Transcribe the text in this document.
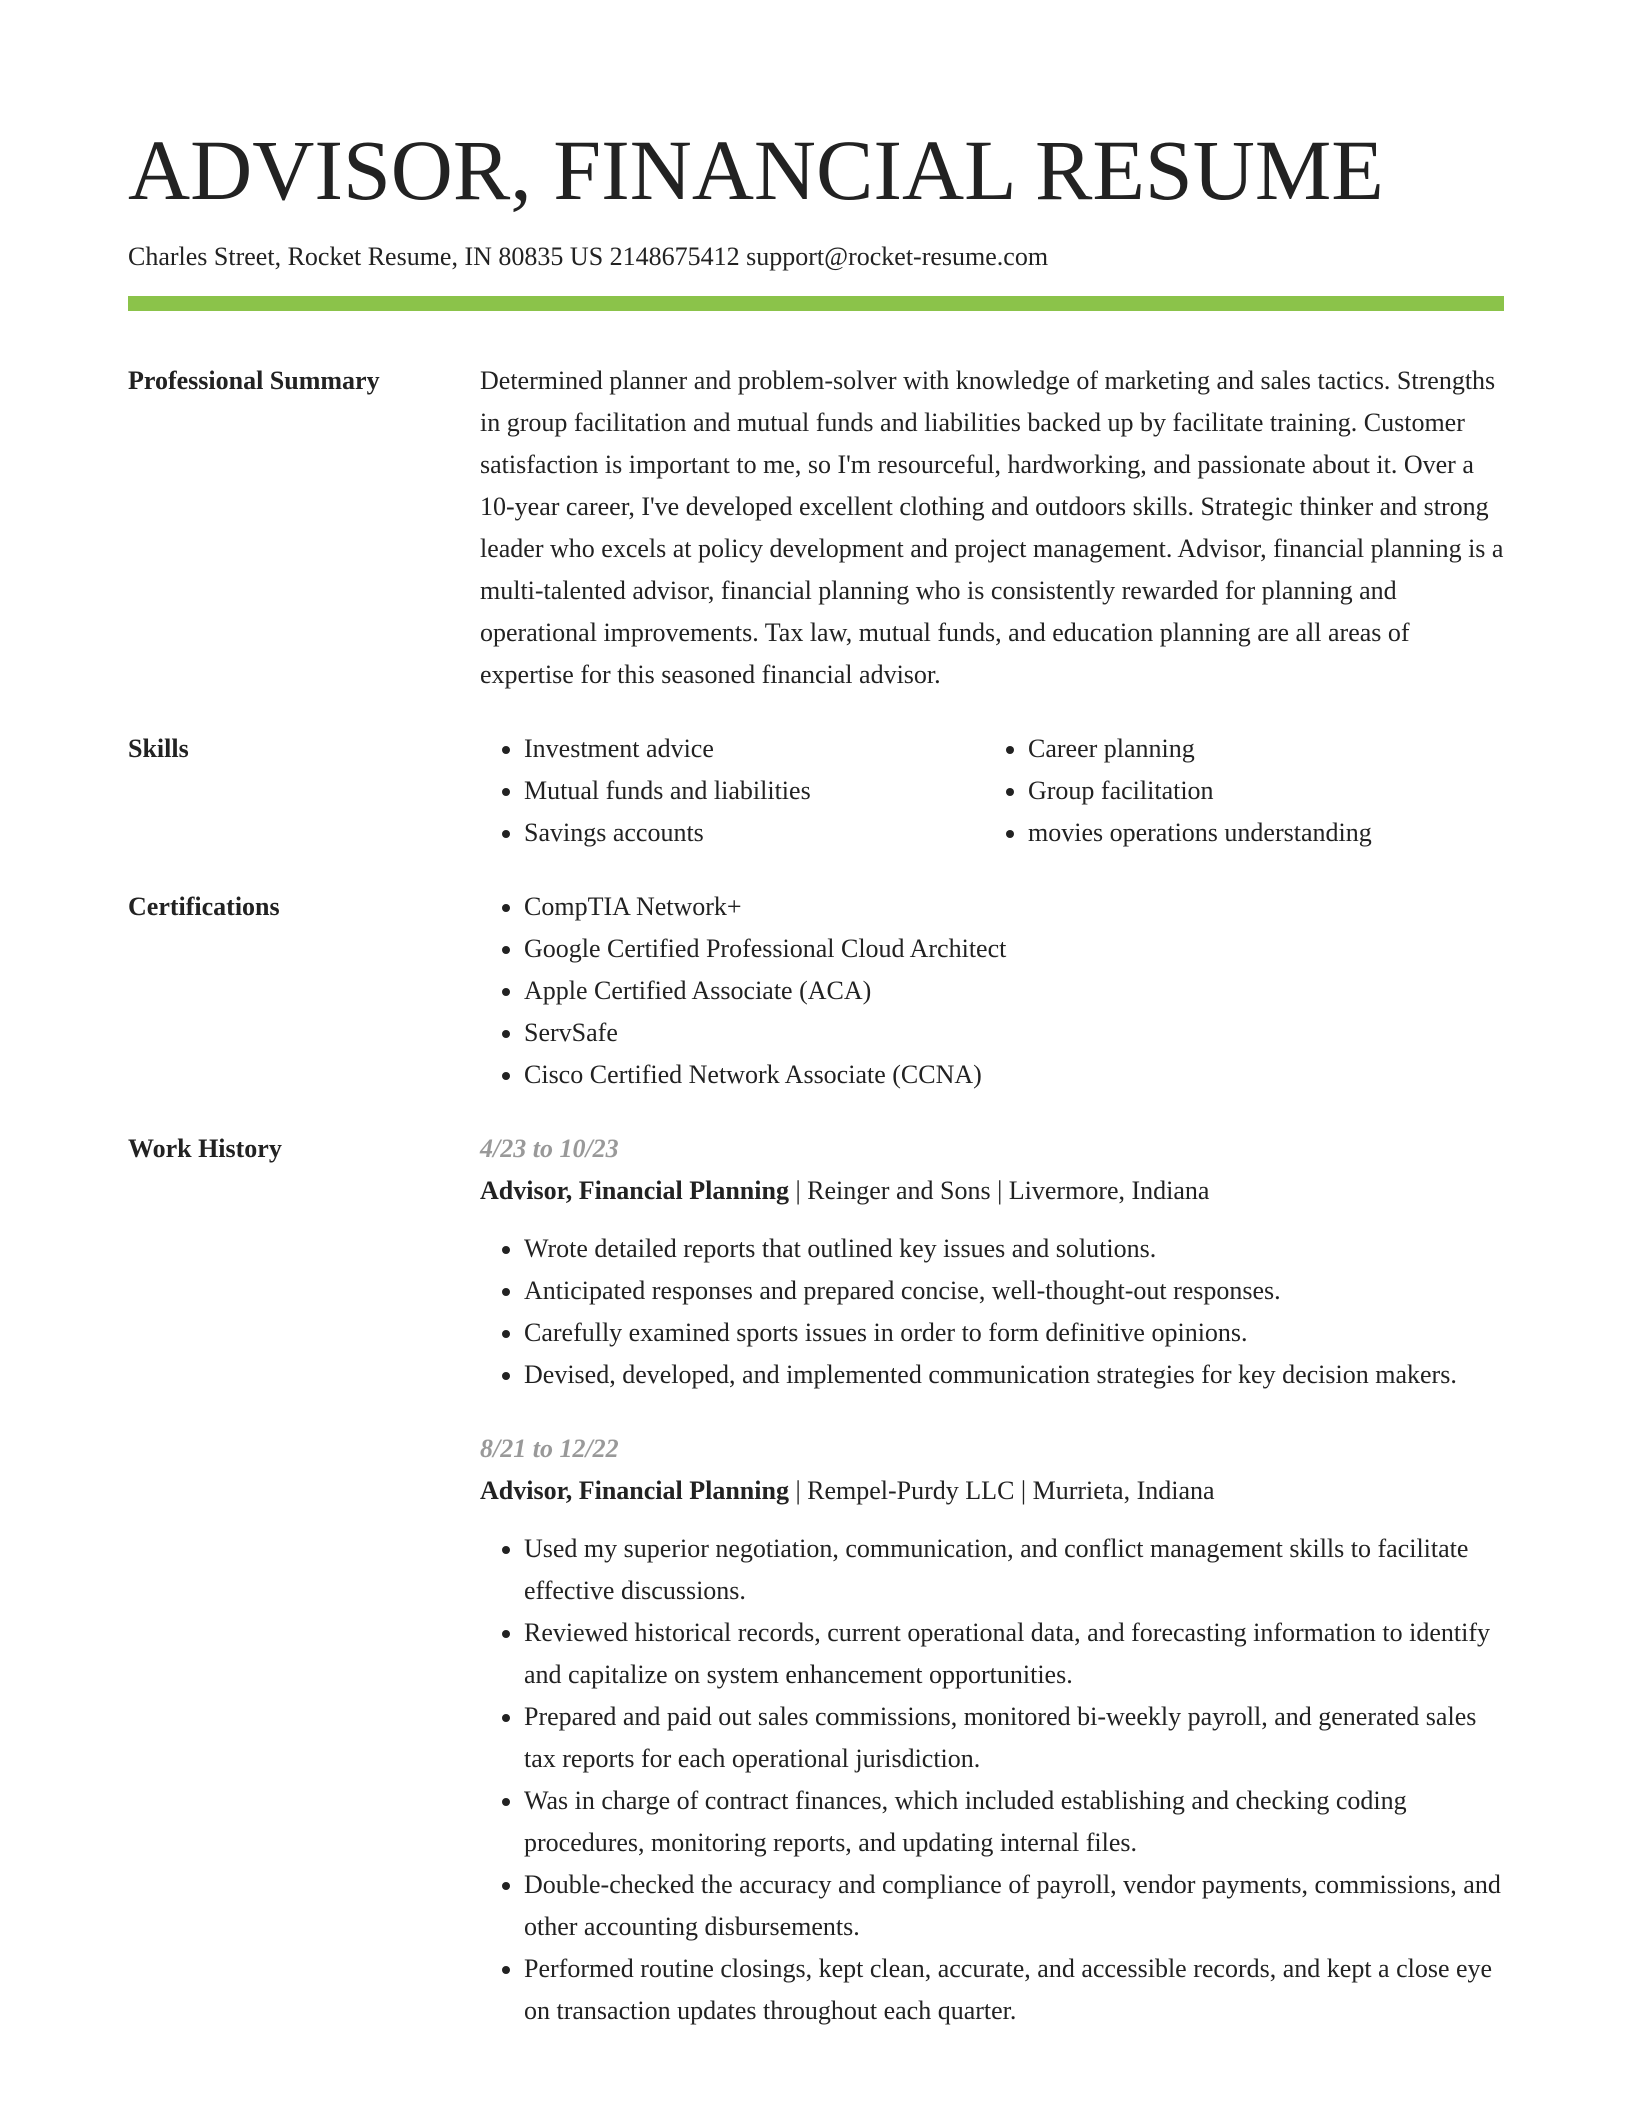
ADVISOR, FINANCIAL RESUME
Charles Street, Rocket Resume, IN 80835 US 2148675412 support@rocket-resume.com
Professional Summary	Determined planner and problem-solver with knowledge of marketing and sales tactics. Strengths in group facilitation and mutual funds and liabilities backed up by facilitate training. Customer satisfaction is important to me, so I'm resourceful, hardworking, and passionate about it. Over a 10-year career, I've developed excellent clothing and outdoors skills. Strategic thinker and strong leader who excels at policy development and project management. Advisor, financial planning is a multi-talented advisor, financial planning who is consistently rewarded for planning and operational improvements. Tax law, mutual funds, and education planning are all areas of expertise for this seasoned financial advisor.

Skills	• Investment advice
• Mutual funds and liabilities
• Savings accounts
• Career planning
• Group facilitation
• movies operations understanding
Certifications	• CompTIA Network+
• Google Certified Professional Cloud Architect
• Apple Certified Associate (ACA)
• ServSafe
• Cisco Certified Network Associate (CCNA)
Work History	4/23 to 10/23

Advisor, Financial Planning | Reinger and Sons | Livermore, Indiana

• Wrote detailed reports that outlined key issues and solutions.
• Anticipated responses and prepared concise, well-thought-out responses.
• Carefully examined sports issues in order to form definitive opinions.
• Devised, developed, and implemented communication strategies for key decision makers.

8/21 to 12/22

Advisor, Financial Planning | Rempel-Purdy LLC | Murrieta, Indiana

• Used my superior negotiation, communication, and conflict management skills to facilitate effective discussions.
• Reviewed historical records, current operational data, and forecasting information to identify and capitalize on system enhancement opportunities.
• Prepared and paid out sales commissions, monitored bi-weekly payroll, and generated sales tax reports for each operational jurisdiction.
• Was in charge of contract finances, which included establishing and checking coding procedures, monitoring reports, and updating internal files.
• Double-checked the accuracy and compliance of payroll, vendor payments, commissions, and other accounting disbursements.
• Performed routine closings, kept clean, accurate, and accessible records, and kept a close eye on transaction updates throughout each quarter.
